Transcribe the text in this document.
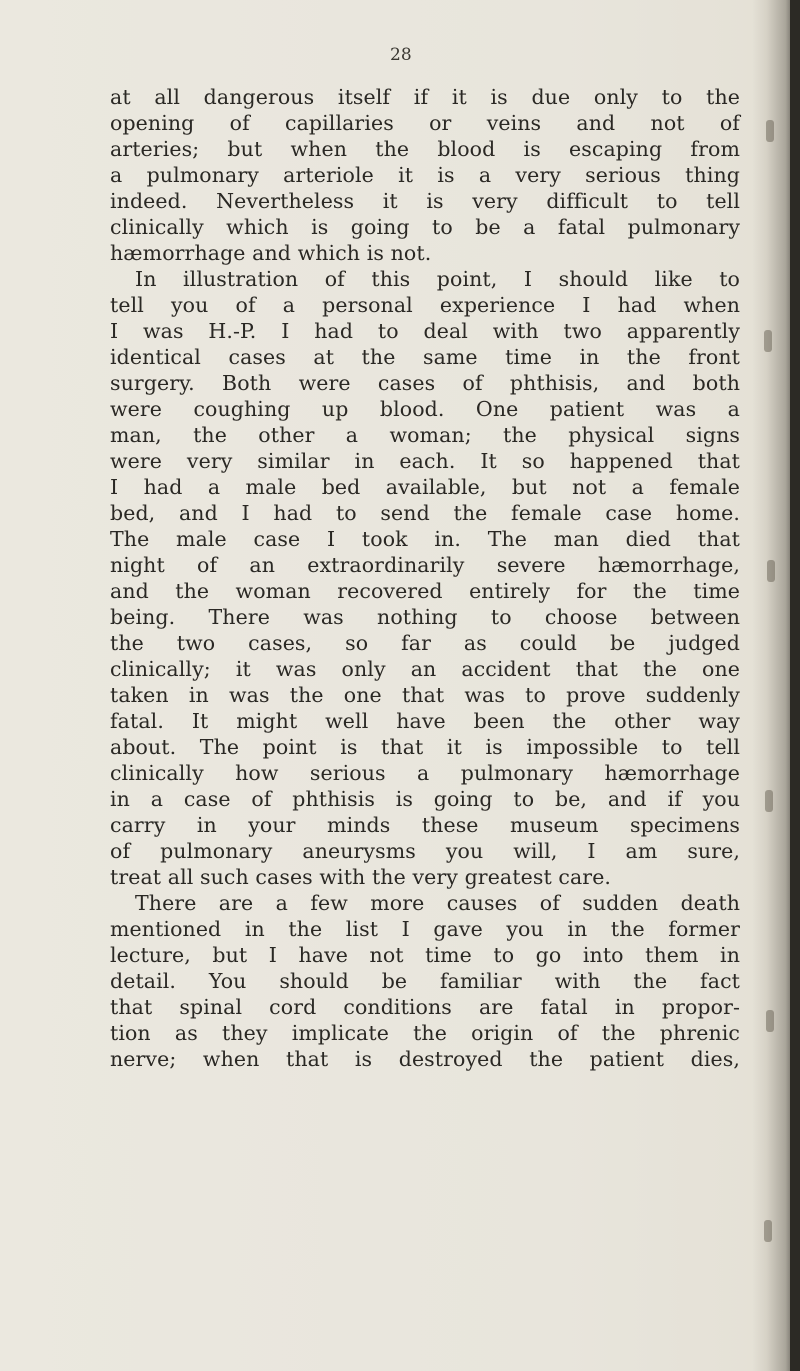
28
at all dangerous itself if it is due only to the
opening of capillaries or veins and not of
arteries; but when the blood is escaping from
a pulmonary arteriole it is a very serious thing
indeed. Nevertheless it is very difficult to tell
clinically which is going to be a fatal pulmonary
hæmorrhage and which is not.
In illustration of this point, I should like to
tell you of a personal experience I had when
I was H.-P. I had to deal with two apparently
identical cases at the same time in the front
surgery. Both were cases of phthisis, and both
were coughing up blood. One patient was a
man, the other a woman; the physical signs
were very similar in each. It so happened that
I had a male bed available, but not a female
bed, and I had to send the female case home.
The male case I took in. The man died that
night of an extraordinarily severe hæmorrhage,
and the woman recovered entirely for the time
being. There was nothing to choose between
the two cases, so far as could be judged
clinically; it was only an accident that the one
taken in was the one that was to prove suddenly
fatal. It might well have been the other way
about. The point is that it is impossible to tell
clinically how serious a pulmonary hæmorrhage
in a case of phthisis is going to be, and if you
carry in your minds these museum specimens
of pulmonary aneurysms you will, I am sure,
treat all such cases with the very greatest care.
There are a few more causes of sudden death
mentioned in the list I gave you in the former
lecture, but I have not time to go into them in
detail. You should be familiar with the fact
that spinal cord conditions are fatal in propor-
tion as they implicate the origin of the phrenic
nerve; when that is destroyed the patient dies,
